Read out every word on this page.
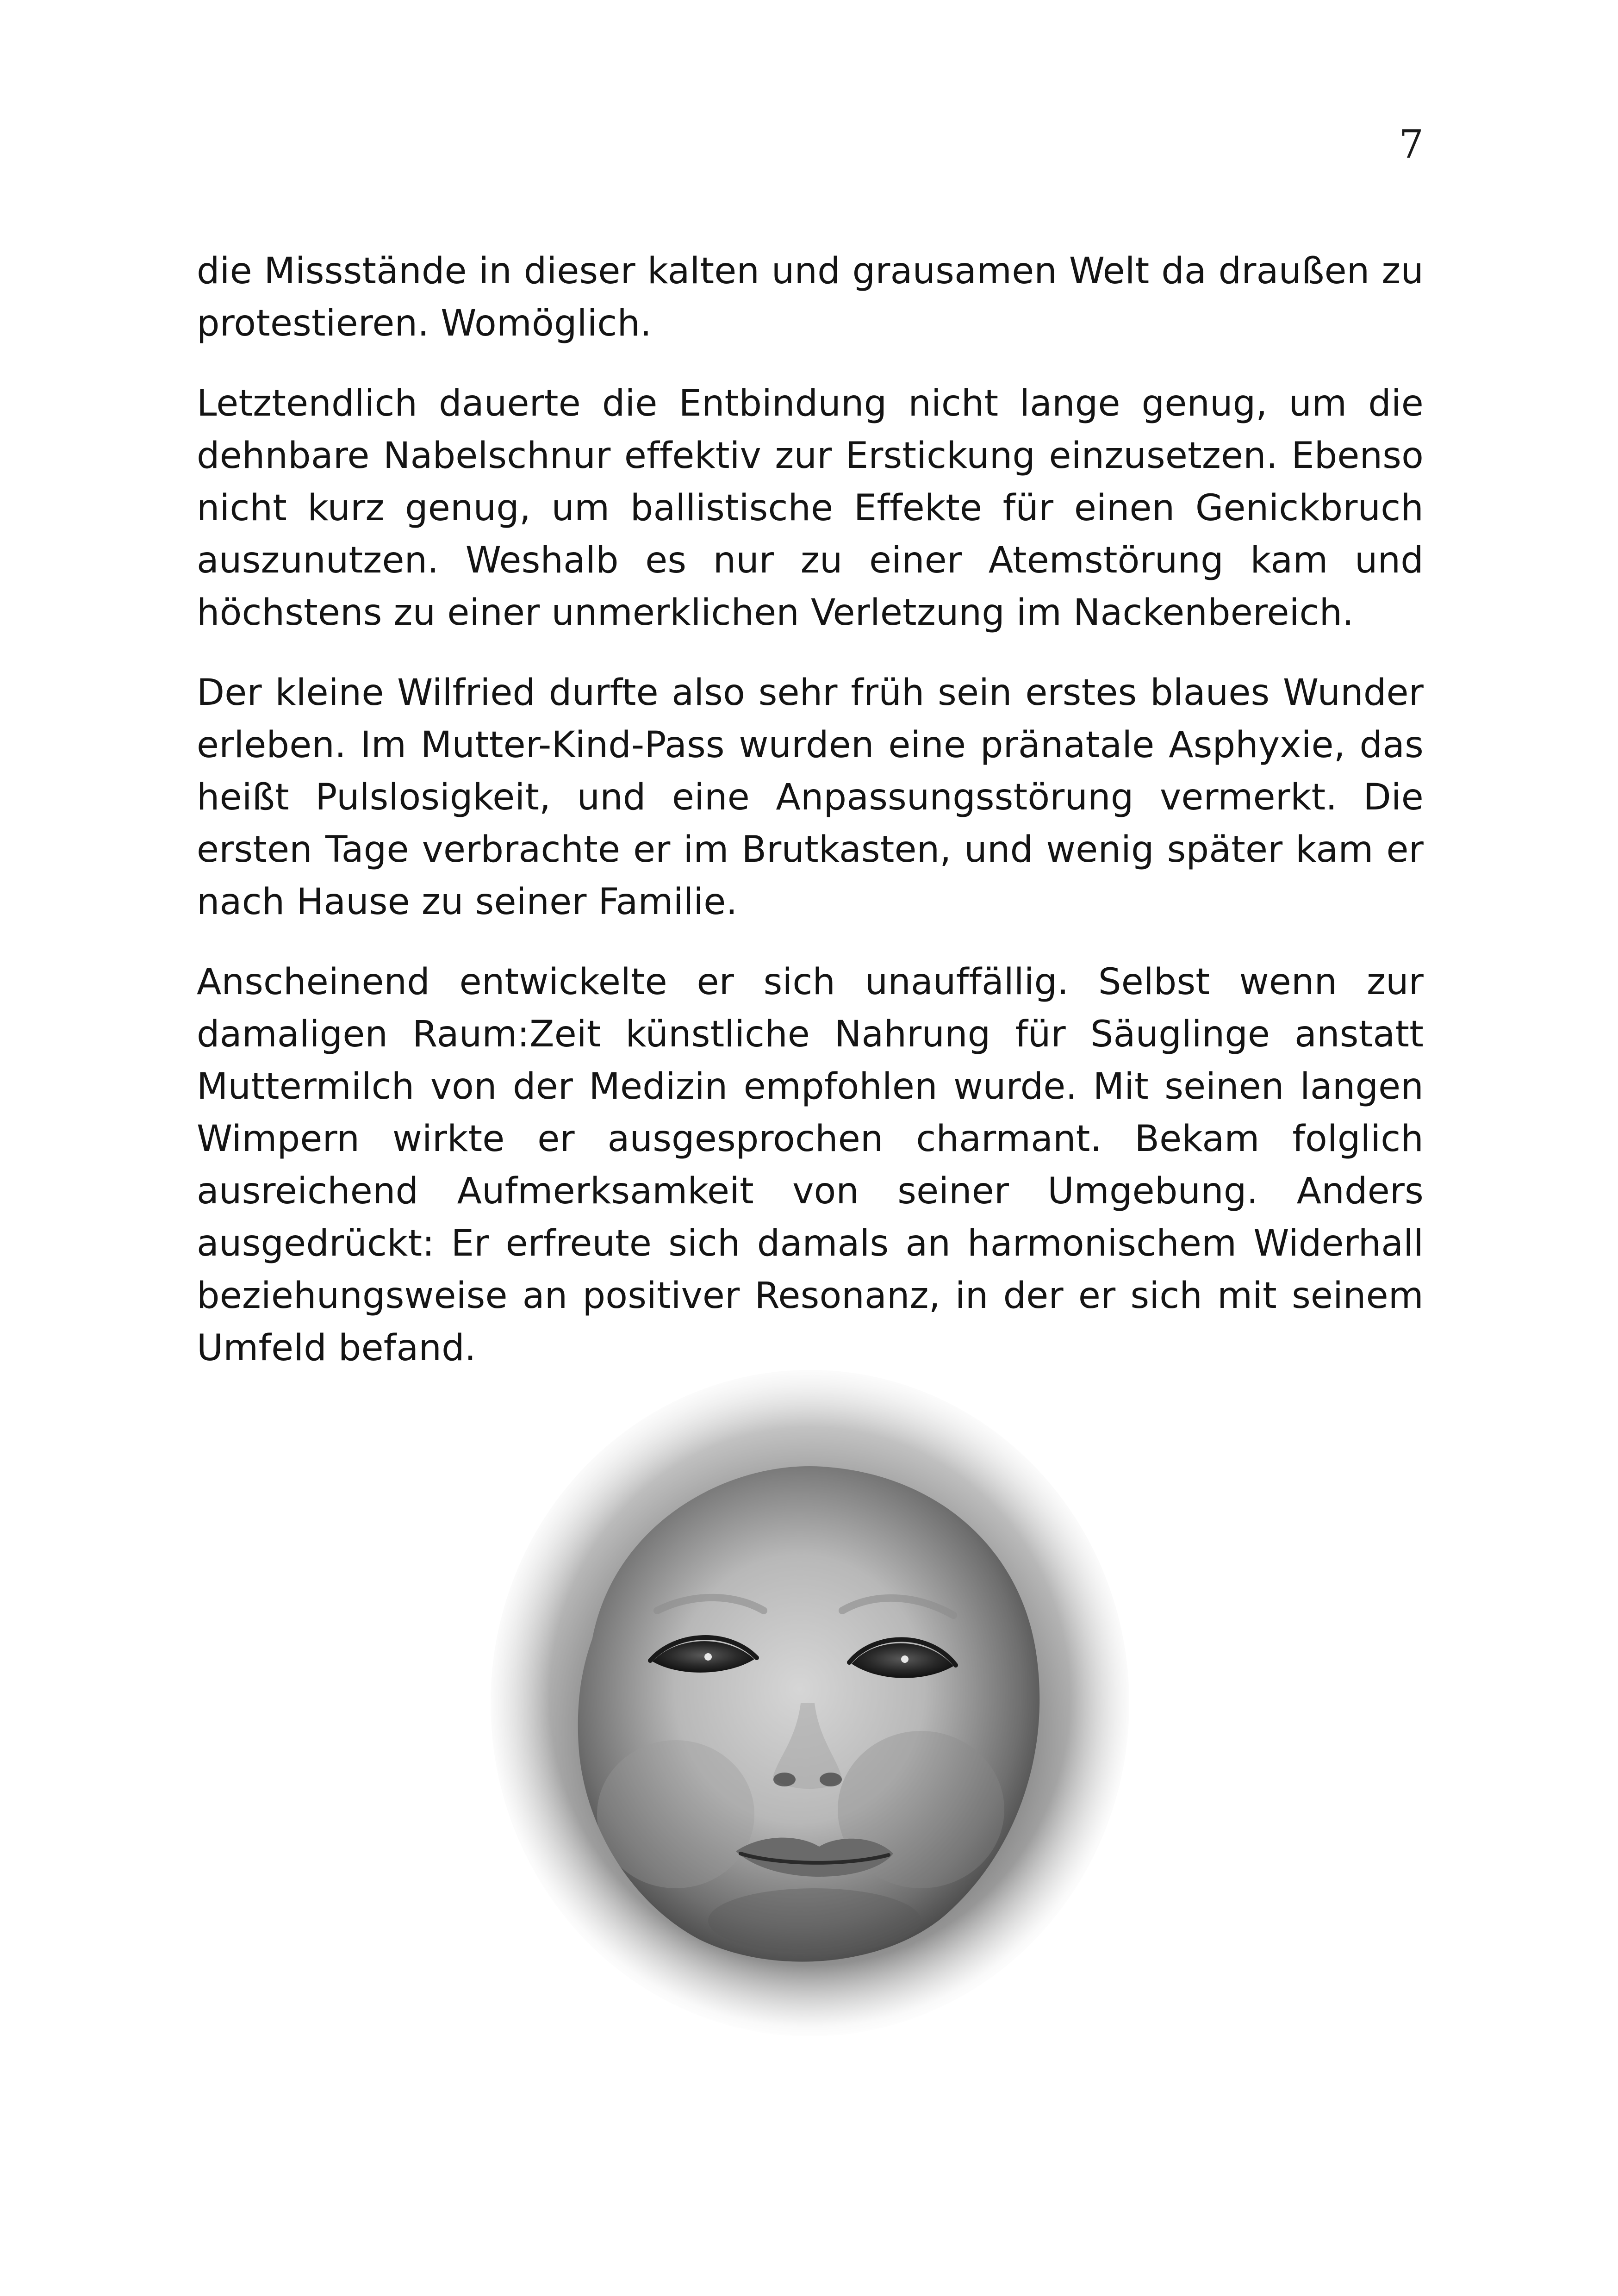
7

die Missstände in dieser kalten und grausamen Welt da draußen zu protestieren. Womöglich.

Letztendlich dauerte die Entbindung nicht lange genug, um die dehnbare Nabelschnur effektiv zur Erstickung einzusetzen. Ebenso nicht kurz genug, um ballistische Effekte für einen Genickbruch auszunutzen. Weshalb es nur zu einer Atemstörung kam und höchstens zu einer unmerklichen Verletzung im Nackenbereich.

Der kleine Wilfried durfte also sehr früh sein erstes blaues Wunder erleben. Im Mutter-Kind-Pass wurden eine pränatale Asphyxie, das heißt Pulslosigkeit, und eine Anpassungsstörung vermerkt. Die ersten Tage verbrachte er im Brutkasten, und wenig später kam er nach Hause zu seiner Familie.

Anscheinend entwickelte er sich unauffällig. Selbst wenn zur damaligen Raum:Zeit künstliche Nahrung für Säuglinge anstatt Muttermilch von der Medizin empfohlen wurde. Mit seinen langen Wimpern wirkte er ausgesprochen charmant. Bekam folglich ausreichend Aufmerksamkeit von seiner Umgebung. Anders ausgedrückt: Er erfreute sich damals an harmonischem Widerhall beziehungsweise an positiver Resonanz, in der er sich mit seinem Umfeld befand.
